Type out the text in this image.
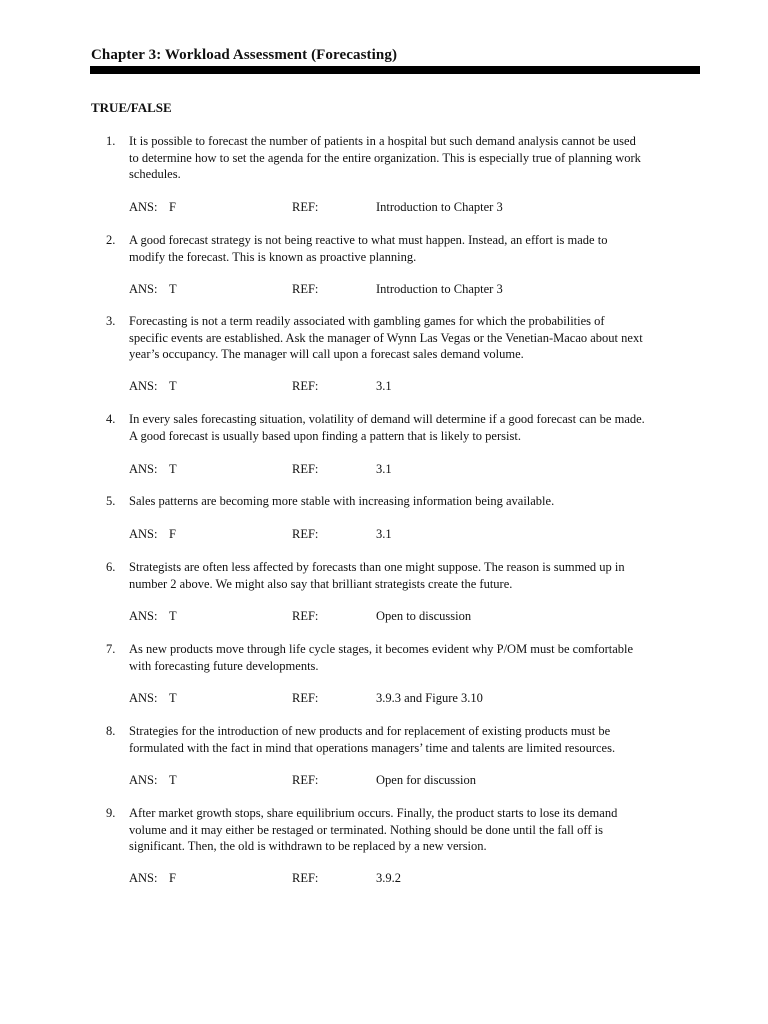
Chapter 3: Workload Assessment (Forecasting)
TRUE/FALSE
1.	It is possible to forecast the number of patients in a hospital but such demand analysis cannot be used
to determine how to set the agenda for the entire organization. This is especially true of planning work
schedules.
ANS: F	REF:	Introduction to Chapter 3
2.	A good forecast strategy is not being reactive to what must happen. Instead, an effort is made to
modify the forecast. This is known as proactive planning.
ANS: T	REF:	Introduction to Chapter 3
3.	Forecasting is not a term readily associated with gambling games for which the probabilities of
specific events are established. Ask the manager of Wynn Las Vegas or the Venetian-Macao about next
year’s occupancy. The manager will call upon a forecast sales demand volume.
ANS: T	REF:	3.1
4.	In every sales forecasting situation, volatility of demand will determine if a good forecast can be made.
A good forecast is usually based upon finding a pattern that is likely to persist.
ANS: T	REF:	3.1
5.	Sales patterns are becoming more stable with increasing information being available.
ANS: F	REF:	3.1
6.	Strategists are often less affected by forecasts than one might suppose. The reason is summed up in
number 2 above. We might also say that brilliant strategists create the future.
ANS: T	REF:	Open to discussion
7.	As new products move through life cycle stages, it becomes evident why P/OM must be comfortable
with forecasting future developments.
ANS: T	REF:	3.9.3 and Figure 3.10
8.	Strategies for the introduction of new products and for replacement of existing products must be
formulated with the fact in mind that operations managers’ time and talents are limited resources.
ANS: T	REF:	Open for discussion
9.	After market growth stops, share equilibrium occurs. Finally, the product starts to lose its demand
volume and it may either be restaged or terminated. Nothing should be done until the fall off is
significant. Then, the old is withdrawn to be replaced by a new version.
ANS: F	REF:	3.9.2
